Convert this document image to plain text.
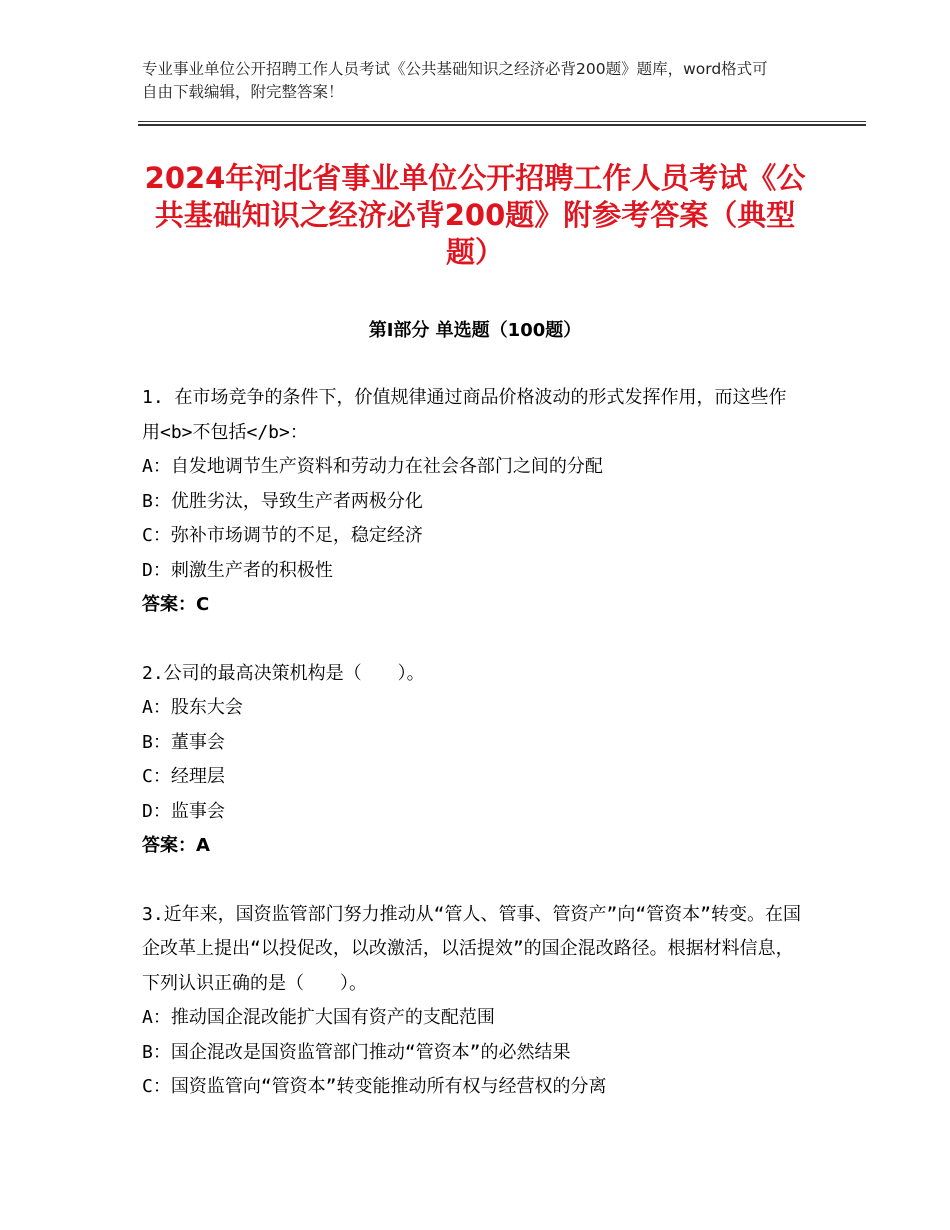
专业事业单位公开招聘工作人员考试《公共基础知识之经济必背200题》题库，word格式可自由下载编辑，附完整答案！
2024年河北省事业单位公开招聘工作人员考试《公共基础知识之经济必背200题》附参考答案（典型题）
第I部分 单选题（100题）
1. 在市场竞争的条件下，价值规律通过商品价格波动的形式发挥作用，而这些作用<b>不包括</b>：
A：自发地调节生产资料和劳动力在社会各部门之间的分配
B：优胜劣汰，导致生产者两极分化
C：弥补市场调节的不足，稳定经济
D：刺激生产者的积极性
答案：C
2.公司的最高决策机构是（　　）。
A：股东大会
B：董事会
C：经理层
D：监事会
答案：A
3.近年来，国资监管部门努力推动从“管人、管事、管资产”向“管资本”转变。在国企改革上提出“以投促改，以改激活，以活提效”的国企混改路径。根据材料信息，下列认识正确的是（　　）。
A：推动国企混改能扩大国有资产的支配范围
B：国企混改是国资监管部门推动“管资本”的必然结果
C：国资监管向“管资本”转变能推动所有权与经营权的分离
